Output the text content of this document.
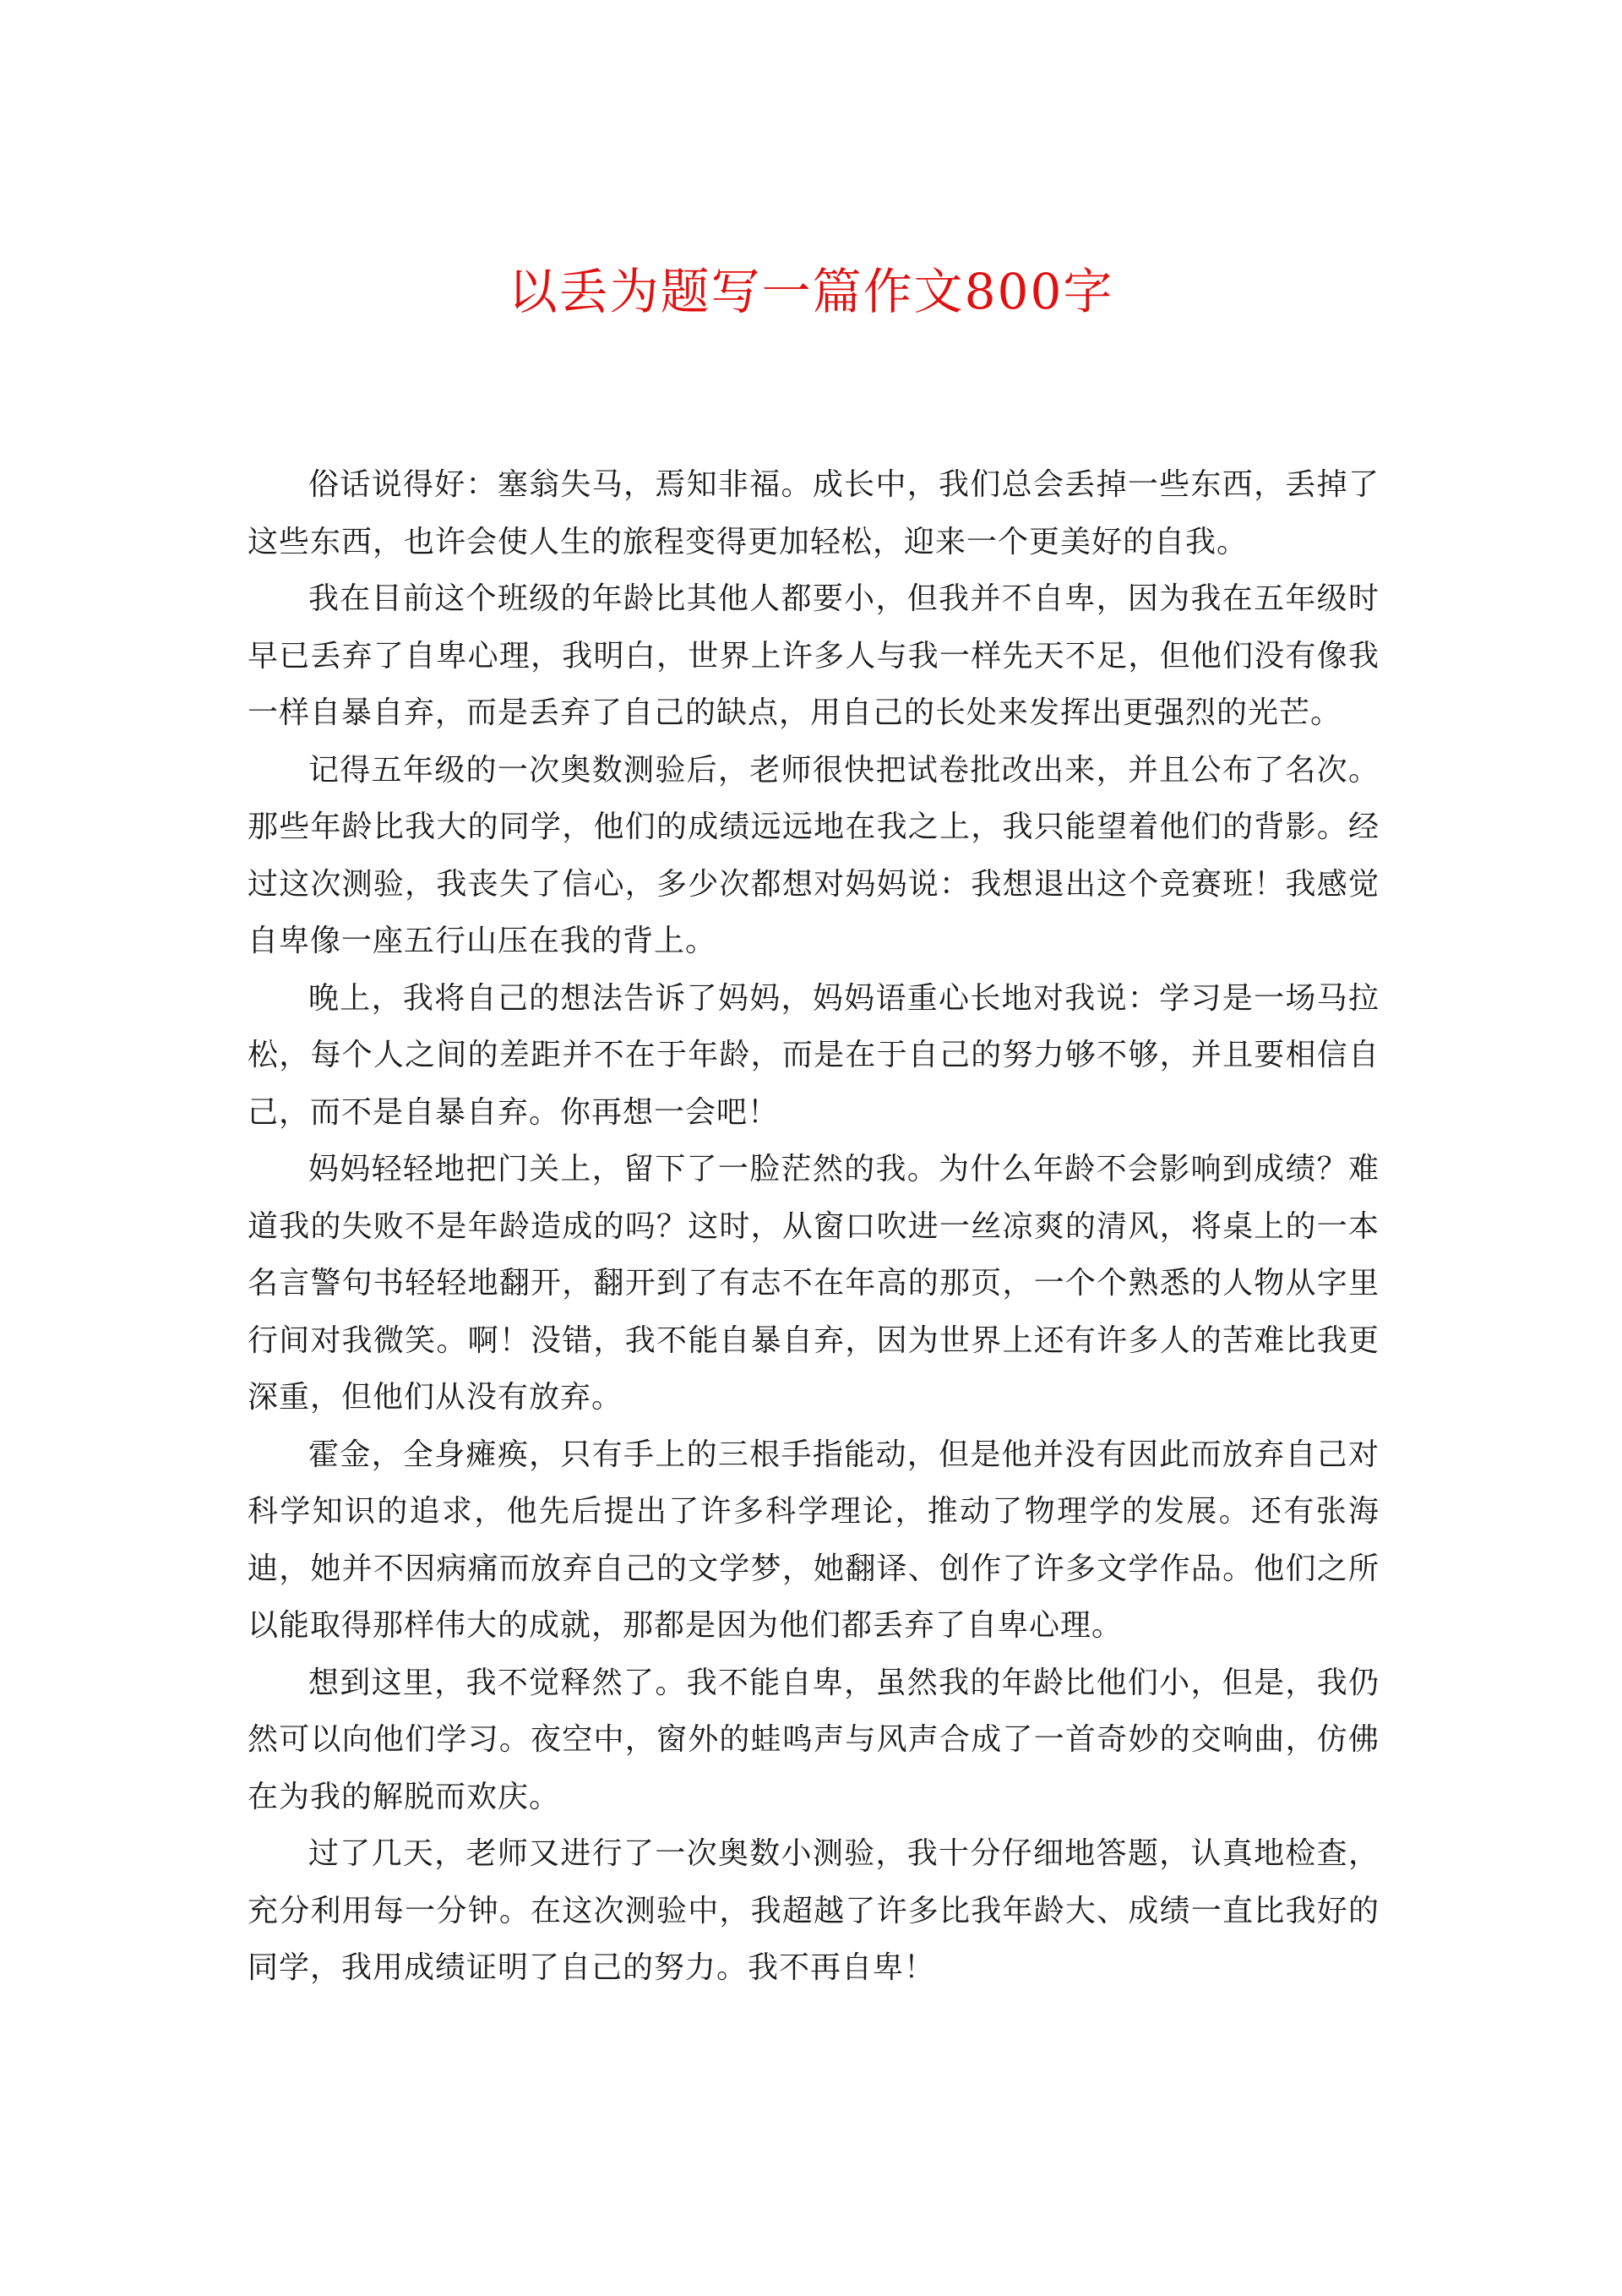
以丢为题写一篇作文800字

俗话说得好：塞翁失马，焉知非福。成长中，我们总会丢掉一些东西，丢掉了这些东西，也许会使人生的旅程变得更加轻松，迎来一个更美好的自我。

我在目前这个班级的年龄比其他人都要小，但我并不自卑，因为我在五年级时早已丢弃了自卑心理，我明白，世界上许多人与我一样先天不足，但他们没有像我一样自暴自弃，而是丢弃了自己的缺点，用自己的长处来发挥出更强烈的光芒。

记得五年级的一次奥数测验后，老师很快把试卷批改出来，并且公布了名次。那些年龄比我大的同学，他们的成绩远远地在我之上，我只能望着他们的背影。经过这次测验，我丧失了信心，多少次都想对妈妈说：我想退出这个竞赛班！我感觉自卑像一座五行山压在我的背上。

晚上，我将自己的想法告诉了妈妈，妈妈语重心长地对我说：学习是一场马拉松，每个人之间的差距并不在于年龄，而是在于自己的努力够不够，并且要相信自己，而不是自暴自弃。你再想一会吧！

妈妈轻轻地把门关上，留下了一脸茫然的我。为什么年龄不会影响到成绩？难道我的失败不是年龄造成的吗？这时，从窗口吹进一丝凉爽的清风，将桌上的一本名言警句书轻轻地翻开，翻开到了有志不在年高的那页，一个个熟悉的人物从字里行间对我微笑。啊！没错，我不能自暴自弃，因为世界上还有许多人的苦难比我更深重，但他们从没有放弃。

霍金，全身瘫痪，只有手上的三根手指能动，但是他并没有因此而放弃自己对科学知识的追求，他先后提出了许多科学理论，推动了物理学的发展。还有张海迪，她并不因病痛而放弃自己的文学梦，她翻译、创作了许多文学作品。他们之所以能取得那样伟大的成就，那都是因为他们都丢弃了自卑心理。

想到这里，我不觉释然了。我不能自卑，虽然我的年龄比他们小，但是，我仍然可以向他们学习。夜空中，窗外的蛙鸣声与风声合成了一首奇妙的交响曲，仿佛在为我的解脱而欢庆。

过了几天，老师又进行了一次奥数小测验，我十分仔细地答题，认真地检查，充分利用每一分钟。在这次测验中，我超越了许多比我年龄大、成绩一直比我好的同学，我用成绩证明了自己的努力。我不再自卑！
